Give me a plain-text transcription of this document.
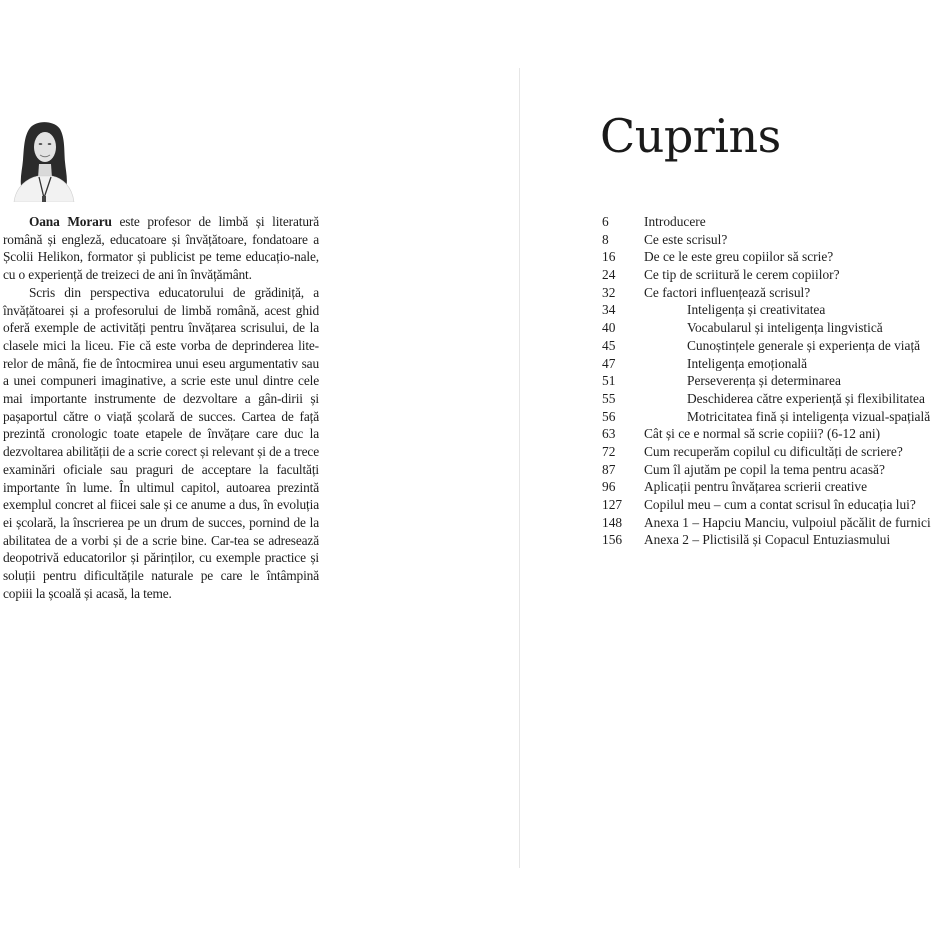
Oana Moraru este profesor de limbă și literatură română și engleză, educatoare și învățătoare, fondatoare a Școlii Helikon, formator și publicist pe teme educațio-nale, cu o experiență de treizeci de ani în învățământ.

Scris din perspectiva educatorului de grădiniță, a învățătoarei și a profesorului de limbă română, acest ghid oferă exemple de activități pentru învățarea scrisului, de la clasele mici la liceu. Fie că este vorba de deprinderea lite-relor de mână, fie de întocmirea unui eseu argumentativ sau a unei compuneri imaginative, a scrie este unul dintre cele mai importante instrumente de dezvoltare a gân-dirii și pașaportul către o viață școlară de succes. Cartea de față prezintă cronologic toate etapele de învățare care duc la dezvoltarea abilității de a scrie corect și relevant și de a trece examinări oficiale sau praguri de acceptare la facultăți importante în lume. În ultimul capitol, autoarea prezintă exemplul concret al fiicei sale și ce anume a dus, în evoluția ei școlară, la înscrierea pe un drum de succes, pornind de la abilitatea de a vorbi și de a scrie bine. Car-tea se adresează deopotrivă educatorilor și părinților, cu exemple practice și soluții pentru dificultățile naturale pe care le întâmpină copiii la școală și acasă, la teme.

Cuprins
6	Introducere
8	Ce este scrisul?
16 De ce le este greu copiilor să scrie?
24 Ce tip de scriitură le cerem copiilor?
32 Ce factori influențează scrisul?
34	Inteligența și creativitatea
40	Vocabularul și inteligența lingvistică
45	Cunoștințele generale și experiența de viață
47	Inteligența emoțională
51	Perseverența și determinarea
55	Deschiderea către experiență și flexibilitatea
56	Motricitatea fină și inteligența vizual-spațială
63 Cât și ce e normal să scrie copiii? (6-12 ani)
72 Cum recuperăm copilul cu dificultăți de scriere?
87 Cum îl ajutăm pe copil la tema pentru acasă?
96 Aplicații pentru învățarea scrierii creative
127 Copilul meu – cum a contat scrisul în educația lui?
148 Anexa 1 – Hapciu Manciu, vulpoiul păcălit de furnici
156 Anexa 2 – Plictisilă și Copacul Entuziasmului
